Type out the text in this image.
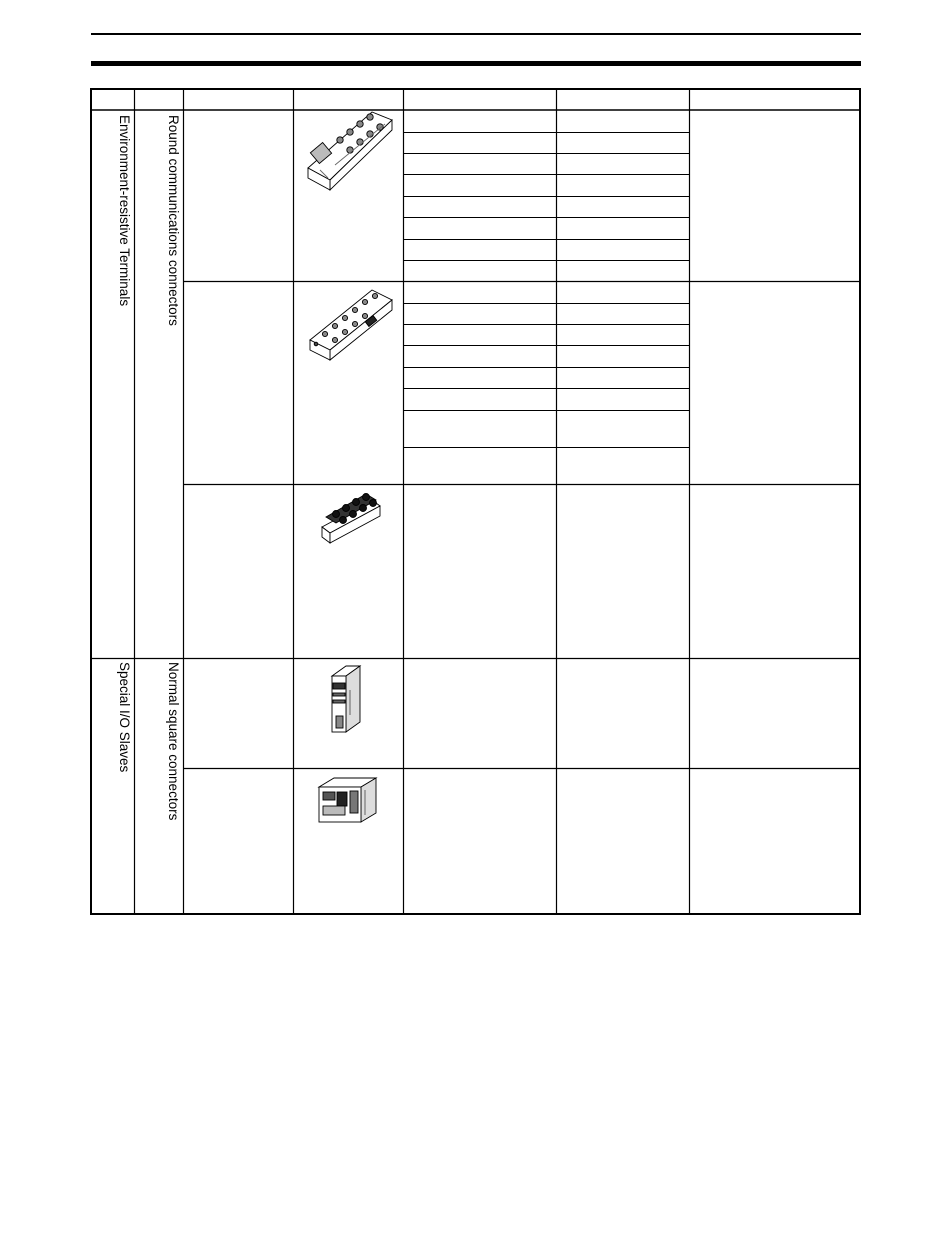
Environment-resistive Terminals	Round communications connectors
Special I/O Slaves	Normal square connectors
